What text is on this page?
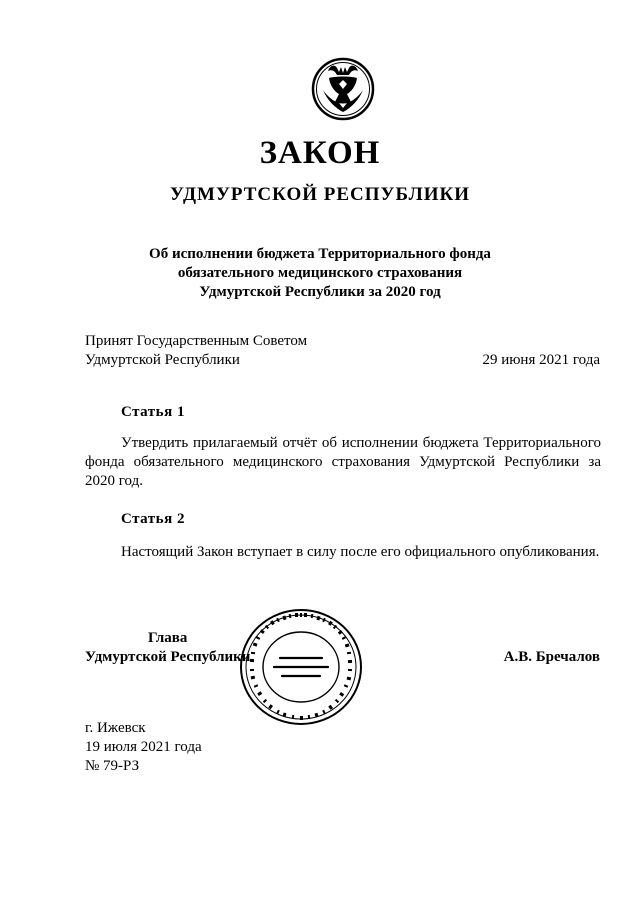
ЗАКОН
УДМУРТСКОЙ РЕСПУБЛИКИ
Об исполнении бюджета Территориального фонда
обязательного медицинского страхования
Удмуртской Республики за 2020 год
Принят Государственным Советом
Удмуртской Республики	29 июня 2021 года
Статья 1

Утвердить прилагаемый отчёт об исполнении бюджета Территориального фонда обязательного медицинского страхования Удмуртской Республики за 2020 год.

Статья 2

Настоящий Закон вступает в силу после его официального опубликования.

Глава
Удмуртской Республики	А.В. Бречалов
г. Ижевск
19 июля 2021 года
№ 79-РЗ
